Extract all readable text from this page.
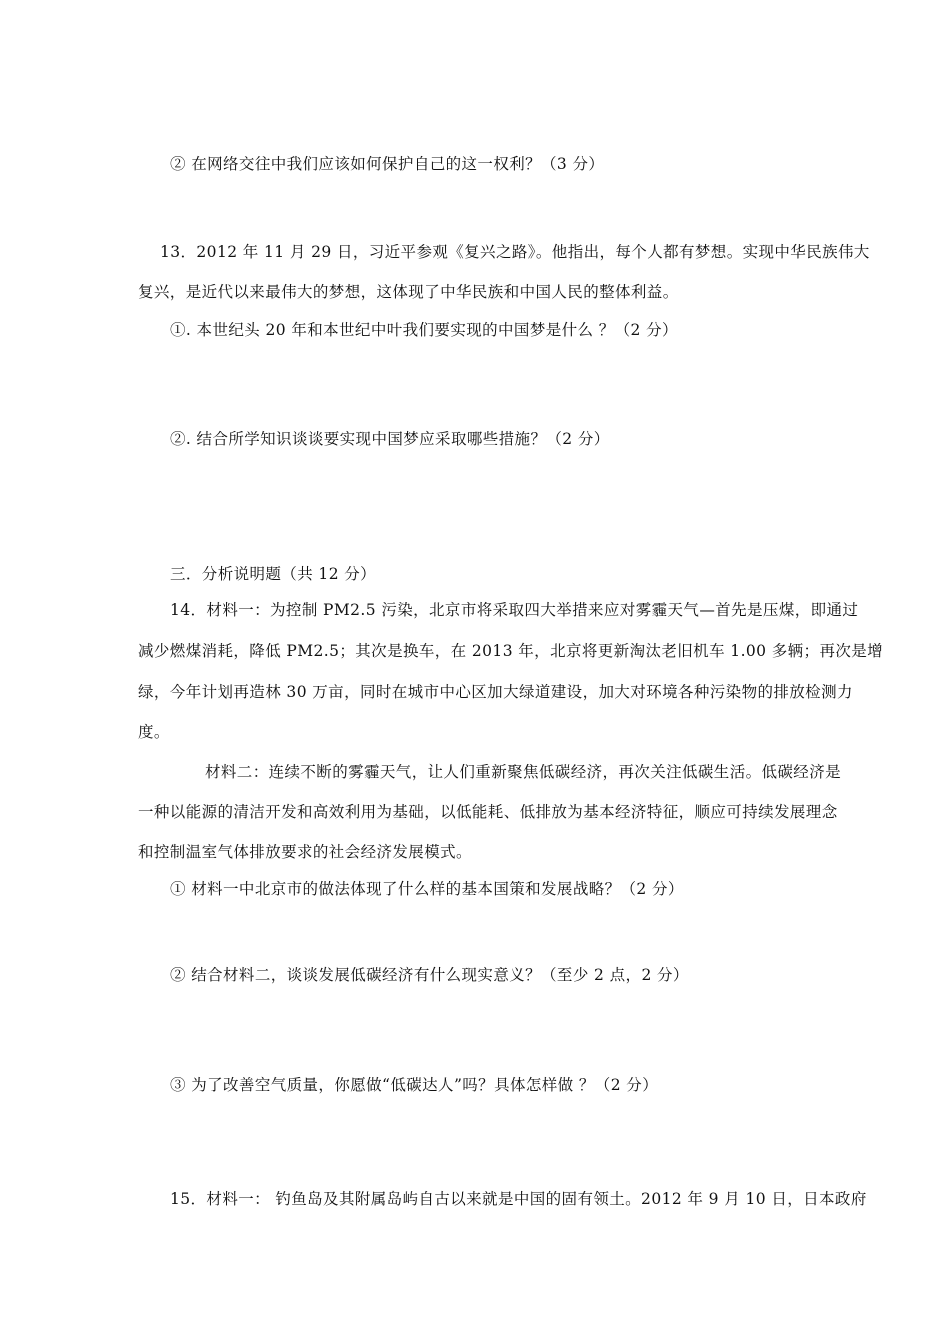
② 在网络交往中我们应该如何保护自己的这一权利？（3 分）
13．2012 年 11 月 29 日，习近平参观《复兴之路》。他指出，每个人都有梦想。实现中华民族伟大
复兴，是近代以来最伟大的梦想，这体现了中华民族和中国人民的整体利益。
①. 本世纪头 20 年和本世纪中叶我们要实现的中国梦是什么 ？（2 分）
②. 结合所学知识谈谈要实现中国梦应采取哪些措施？（2 分）
三．分析说明题（共 12 分）
14．材料一：为控制 PM2.5 污染，北京市将采取四大举措来应对雾霾天气—首先是压煤，即通过
减少燃煤消耗，降低 PM2.5；其次是换车，在 2013 年，北京将更新淘汰老旧机车 1.00 多辆；再次是增
绿，今年计划再造林 30 万亩，同时在城市中心区加大绿道建设，加大对环境各种污染物的排放检测力
度。
材料二：连续不断的雾霾天气，让人们重新聚焦低碳经济，再次关注低碳生活。低碳经济是
一种以能源的清洁开发和高效利用为基础，以低能耗、低排放为基本经济特征，顺应可持续发展理念
和控制温室气体排放要求的社会经济发展模式。
① 材料一中北京市的做法体现了什么样的基本国策和发展战略？（2 分）
② 结合材料二，谈谈发展低碳经济有什么现实意义？（至少 2 点，2 分）
③ 为了改善空气质量，你愿做“低碳达人”吗？具体怎样做 ？（2 分）
15．材料一： 钓鱼岛及其附属岛屿自古以来就是中国的固有领土。2012 年 9 月 10 日，日本政府
